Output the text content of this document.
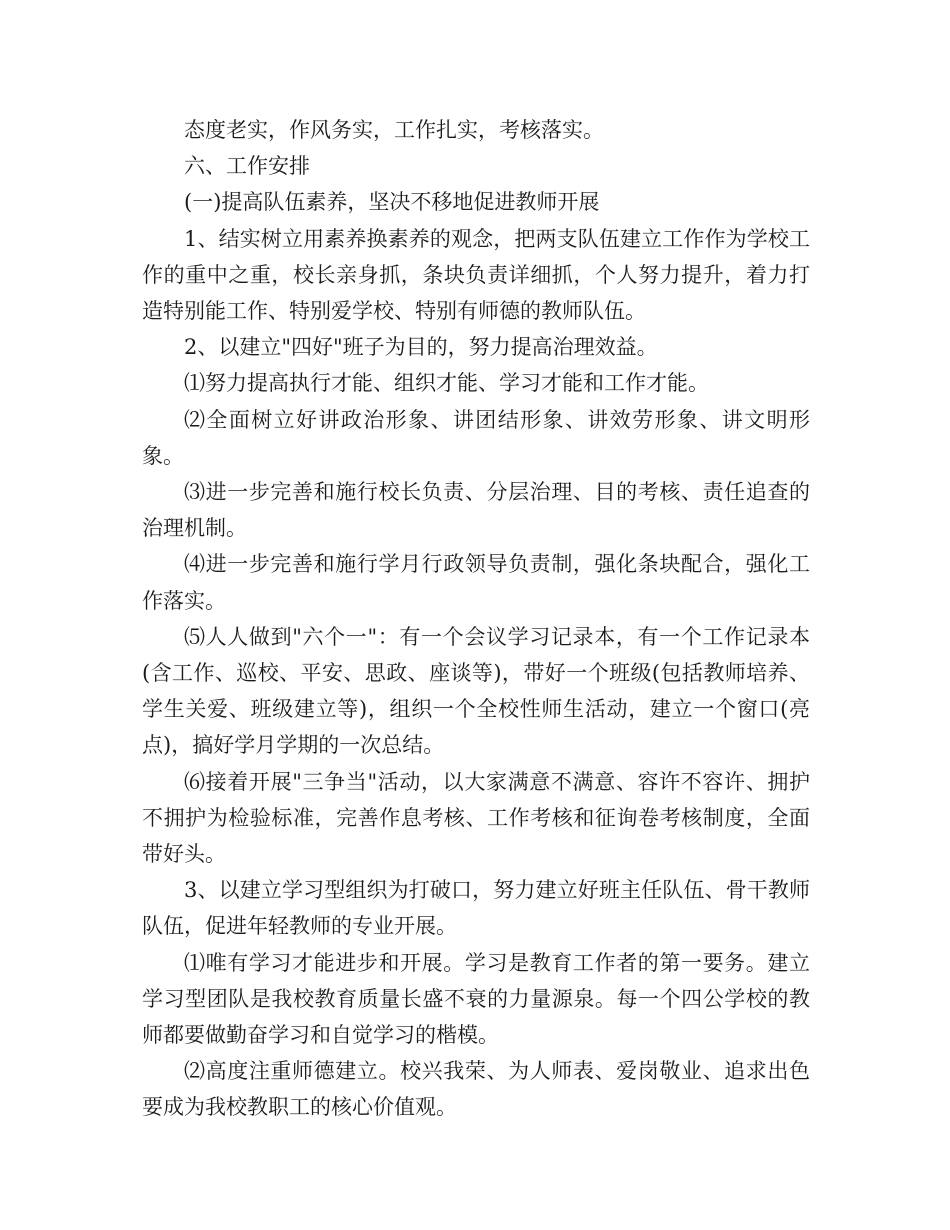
态度老实，作风务实，工作扎实，考核落实。

六、工作安排

(一)提高队伍素养，坚决不移地促进教师开展

1、结实树立用素养换素养的观念，把两支队伍建立工作作为学校工作的重中之重，校长亲身抓，条块负责详细抓，个人努力提升，着力打造特别能工作、特别爱学校、特别有师德的教师队伍。

2、以建立"四好"班子为目的，努力提高治理效益。

⑴努力提高执行才能、组织才能、学习才能和工作才能。

⑵全面树立好讲政治形象、讲团结形象、讲效劳形象、讲文明形象。

⑶进一步完善和施行校长负责、分层治理、目的考核、责任追查的治理机制。

⑷进一步完善和施行学月行政领导负责制，强化条块配合，强化工作落实。

⑸人人做到"六个一"：有一个会议学习记录本，有一个工作记录本(含工作、巡校、平安、思政、座谈等)，带好一个班级(包括教师培养、学生关爱、班级建立等)，组织一个全校性师生活动，建立一个窗口(亮点)，搞好学月学期的一次总结。

⑹接着开展"三争当"活动，以大家满意不满意、容许不容许、拥护不拥护为检验标准，完善作息考核、工作考核和征询卷考核制度，全面带好头。

3、以建立学习型组织为打破口，努力建立好班主任队伍、骨干教师队伍，促进年轻教师的专业开展。

⑴唯有学习才能进步和开展。学习是教育工作者的第一要务。建立学习型团队是我校教育质量长盛不衰的力量源泉。每一个四公学校的教师都要做勤奋学习和自觉学习的楷模。

⑵高度注重师德建立。校兴我荣、为人师表、爱岗敬业、追求出色要成为我校教职工的核心价值观。
